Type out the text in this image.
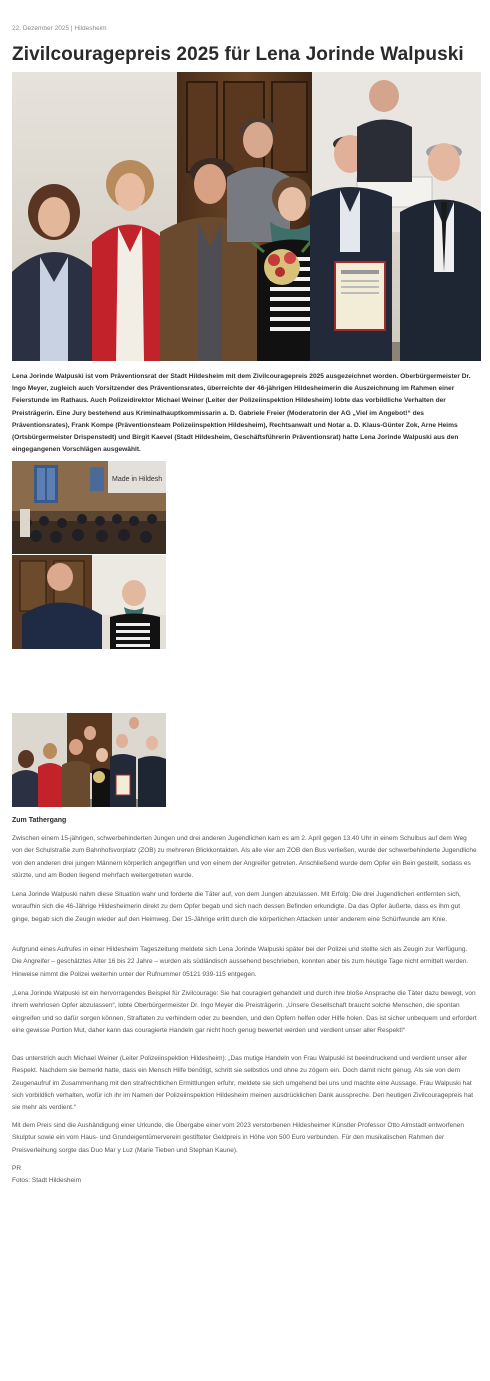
22. Dezember 2025 | Hildesheim
Zivilcouragepreis 2025 für Lena Jorinde Walpuski

Lena Jorinde Walpuski ist vom Präventionsrat der Stadt Hildesheim mit dem Zivilcouragepreis 2025 ausgezeichnet worden. Oberbürgermeister Dr. Ingo Meyer, zugleich auch Vorsitzender des Präventionsrates, überreichte der 46-jährigen Hildesheimerin die Auszeichnung im Rahmen einer Feierstunde im Rathaus. Auch Polizeidirektor Michael Weiner (Leiter der Polizeiinspektion Hildesheim) lobte das vorbildliche Verhalten der Preisträgerin. Eine Jury bestehend aus Kriminalhauptkommissarin a. D. Gabriele Freier (Moderatorin der AG „Viel im Angebot!“ des Präventionsrates), Frank Kompe (Präventionsteam Polizeiinspektion Hildesheim), Rechtsanwalt und Notar a. D. Klaus-Günter Zok, Arne Heims (Ortsbürgermeister Drispenstedt) und Birgit Kaevel (Stadt Hildesheim, Geschäftsführerin Präventionsrat) hatte Lena Jorinde Walpuski aus den eingegangenen Vorschlägen ausgewählt.

Made in Hildesh
Zum Tathergang

Zwischen einem 15-jährigen, schwerbehinderten Jungen und drei anderen Jugendlichen kam es am 2. April gegen 13.40 Uhr in einem Schulbus auf dem Weg von der Schulstraße zum Bahnhofsvorplatz (ZOB) zu mehreren Blickkontakten. Als alle vier am ZOB den Bus verließen, wurde der schwerbehinderte Jugendliche von den anderen drei jungen Männern körperlich angegriffen und von einem der Angreifer getreten. Anschließend wurde dem Opfer ein Bein gestellt, sodass es stürzte, und am Boden liegend mehrfach weitergetreten wurde.

Lena Jorinde Walpuski nahm diese Situation wahr und forderte die Täter auf, von dem Jungen abzulassen. Mit Erfolg: Die drei Jugendlichen entfernten sich, woraufhin sich die 46-Jährige Hildesheimerin direkt zu dem Opfer begab und sich nach dessen Befinden erkundigte. Da das Opfer äußerte, dass es ihm gut ginge, begab sich die Zeugin wieder auf den Heimweg. Der 15-Jährige erlitt durch die körperlichen Attacken unter anderem eine Schürfwunde am Knie.

Aufgrund eines Aufrufes in einer Hildesheim Tageszeitung meldete sich Lena Jorinde Walpuski später bei der Polizei und stellte sich als Zeugin zur Verfügung. Die Angreifer – geschätztes Alter 16 bis 22 Jahre – wurden als südländisch aussehend beschrieben, konnten aber bis zum heutige Tage nicht ermittelt werden. Hinweise nimmt die Polizei weiterhin unter der Rufnummer 05121 939-115 entgegen.

„Lena Jorinde Walpuski ist ein hervorragendes Beispiel für Zivilcourage: Sie hat couragiert gehandelt und durch ihre bloße Ansprache die Täter dazu bewegt, von ihrem wehrlosen Opfer abzulassen“, lobte Oberbürgermeister Dr. Ingo Meyer die Preisträgerin. „Unsere Gesellschaft braucht solche Menschen, die spontan eingreifen und so dafür sorgen können, Straftaten zu verhindern oder zu beenden, und den Opfern helfen oder Hilfe holen. Das ist sicher unbequem und erfordert eine gewisse Portion Mut, daher kann das couragierte Handeln gar nicht hoch genug bewertet werden und verdient unser aller Respekt!“

Das unterstrich auch Michael Weiner (Leiter Polizeiinspektion Hildesheim): „Das mutige Handeln von Frau Walpuski ist beeindruckend und verdient unser aller Respekt. Nachdem sie bemerkt hatte, dass ein Mensch Hilfe benötigt, schritt sie selbstlos und ohne zu zögern ein. Doch damit nicht genug. Als sie von dem Zeugenaufruf im Zusammenhang mit den strafrechtlichen Ermittlungen erfuhr, meldete sie sich umgehend bei uns und machte eine Aussage. Frau Walpuski hat sich vorbildlich verhalten, wofür ich ihr im Namen der Polizeiinspektion Hildesheim meinen ausdrücklichen Dank ausspreche. Den heutigen Zivilcouragepreis hat sie mehr als verdient.“

Mit dem Preis sind die Aushändigung einer Urkunde, die Übergabe einer vom 2023 verstorbenen Hildesheimer Künstler Professor Otto Almstadt entworfenen Skulptur sowie ein vom Haus- und Grundeigentümerverein gestifteter Geldpreis in Höhe von 500 Euro verbunden. Für den musikalischen Rahmen der Preisverleihung sorgte das Duo Mar y Luz (Marie Tieben und Stephan Kaune).

PR
Fotos: Stadt Hildesheim
